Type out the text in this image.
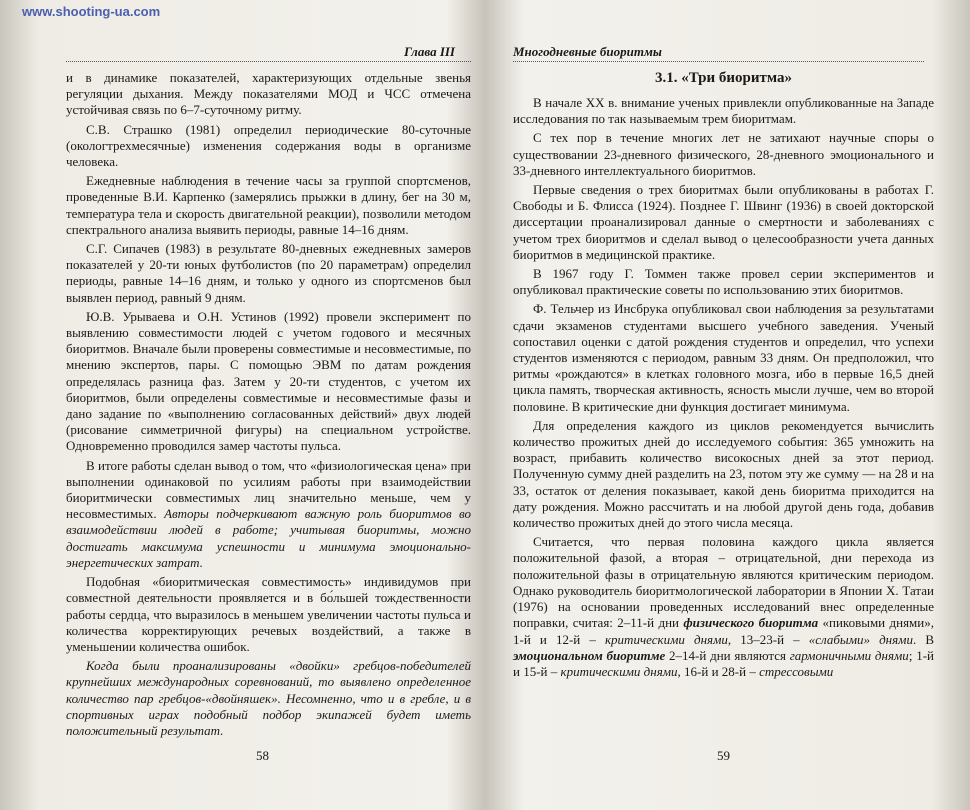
www.shooting-ua.com
Глава III

и в динамике показателей, характеризующих отдельные звенья регуляции дыхания. Между показателями МОД и ЧСС отмечена устойчивая связь по 6–7-суточному ритму.

С.В. Страшко (1981) определил периодические 80-суточные (окологтрехмесячные) изменения содержания воды в организме человека.

Ежедневные наблюдения в течение часы за группой спортсменов, проведенные В.И. Карпенко (замерялись прыжки в длину, бег на 30 м, температура тела и скорость двигательной реакции), позволили методом спектрального анализа выявить периоды, равные 14–16 дням.

С.Г. Сипачев (1983) в результате 80-дневных ежедневных замеров показателей у 20-ти юных футболистов (по 20 параметрам) определил периоды, равные 14–16 дням, и только у одного из спортсменов был выявлен период, равный 9 дням.

Ю.В. Урываева и О.Н. Устинов (1992) провели эксперимент по выявлению совместимости людей с учетом годового и месячных биоритмов. Вначале были проверены совместимые и несовместимые, по мнению экспертов, пары. С помощью ЭВМ по датам рождения определялась разница фаз. Затем у 20-ти студентов, с учетом их биоритмов, были определены совместимые и несовместимые фазы и дано задание по «выполнению согласованных действий» двух людей (рисование симметричной фигуры) на специальном устройстве. Одновременно проводился замер частоты пульса.

В итоге работы сделан вывод о том, что «физиологическая цена» при выполнении одинаковой по усилиям работы при взаимодействии биоритмически совместимых лиц значительно меньше, чем у несовместимых. Авторы подчеркивают важную роль биоритмов во взаимодействии людей в работе; учитывая биоритмы, можно достигать максимума успешности и минимума эмоционально-энергетических затрат.

Подобная «биоритмическая совместимость» индивидумов при совместной деятельности проявляется и в бо́льшей тождественности работы сердца, что выразилось в меньшем увеличении частоты пульса и количества корректирующих речевых воздействий, а также в уменьшении количества ошибок.

Когда были проанализированы «двойки» гребцов-победителей крупнейших международных соревнований, то выявлено определенное количество пар гребцов-«двойняшек». Несомненно, что и в гребле, и в спортивных играх подобный подбор экипажей будет иметь положительный результат.

58
Многодневные биоритмы
3.1. «Три биоритма»

В начале XX в. внимание ученых привлекли опубликованные на Западе исследования по так называемым трем биоритмам.

С тех пор в течение многих лет не затихают научные споры о существовании 23-дневного физического, 28-дневного эмоционального и 33-дневного интеллектуального биоритмов.

Первые сведения о трех биоритмах были опубликованы в работах Г. Свободы и Б. Флисса (1924). Позднее Г. Швинг (1936) в своей докторской диссертации проанализировал данные о смертности и заболеваниях с учетом трех биоритмов и сделал вывод о целесообразности учета данных биоритмов в медицинской практике.

В 1967 году Г. Томмен также провел серии экспериментов и опубликовал практические советы по использованию этих биоритмов.

Ф. Тельчер из Инсбрука опубликовал свои наблюдения за результатами сдачи экзаменов студентами высшего учебного заведения. Ученый сопоставил оценки с датой рождения студентов и определил, что успехи студентов изменяются с периодом, равным 33 дням. Он предположил, что ритмы «рождаются» в клетках головного мозга, ибо в первые 16,5 дней цикла память, творческая активность, ясность мысли лучше, чем во второй половине. В критические дни функция достигает минимума.

Для определения каждого из циклов рекомендуется вычислить количество прожитых дней до исследуемого события: 365 умножить на возраст, прибавить количество високосных дней за этот период. Полученную сумму дней разделить на 23, потом эту же сумму — на 28 и на 33, остаток от деления показывает, какой день биоритма приходится на дату рождения. Можно рассчитать и на любой другой день года, добавив количество прожитых дней до этого числа месяца.

Считается, что первая половина каждого цикла является положительной фазой, а вторая – отрицательной, дни перехода из положительной фазы в отрицательную являются критическим периодом. Однако руководитель биоритмологической лаборатории в Японии Х. Татаи (1976) на основании проведенных исследований внес определенные поправки, считая: 2–11-й дни физического биоритма «пиковыми днями», 1-й и 12-й – критическими днями, 13–23-й – «слабыми» днями. В эмоциональном биоритме 2–14-й дни являются гармоничными днями; 1-й и 15-й – критическими днями, 16-й и 28-й – стрессовыми

59
